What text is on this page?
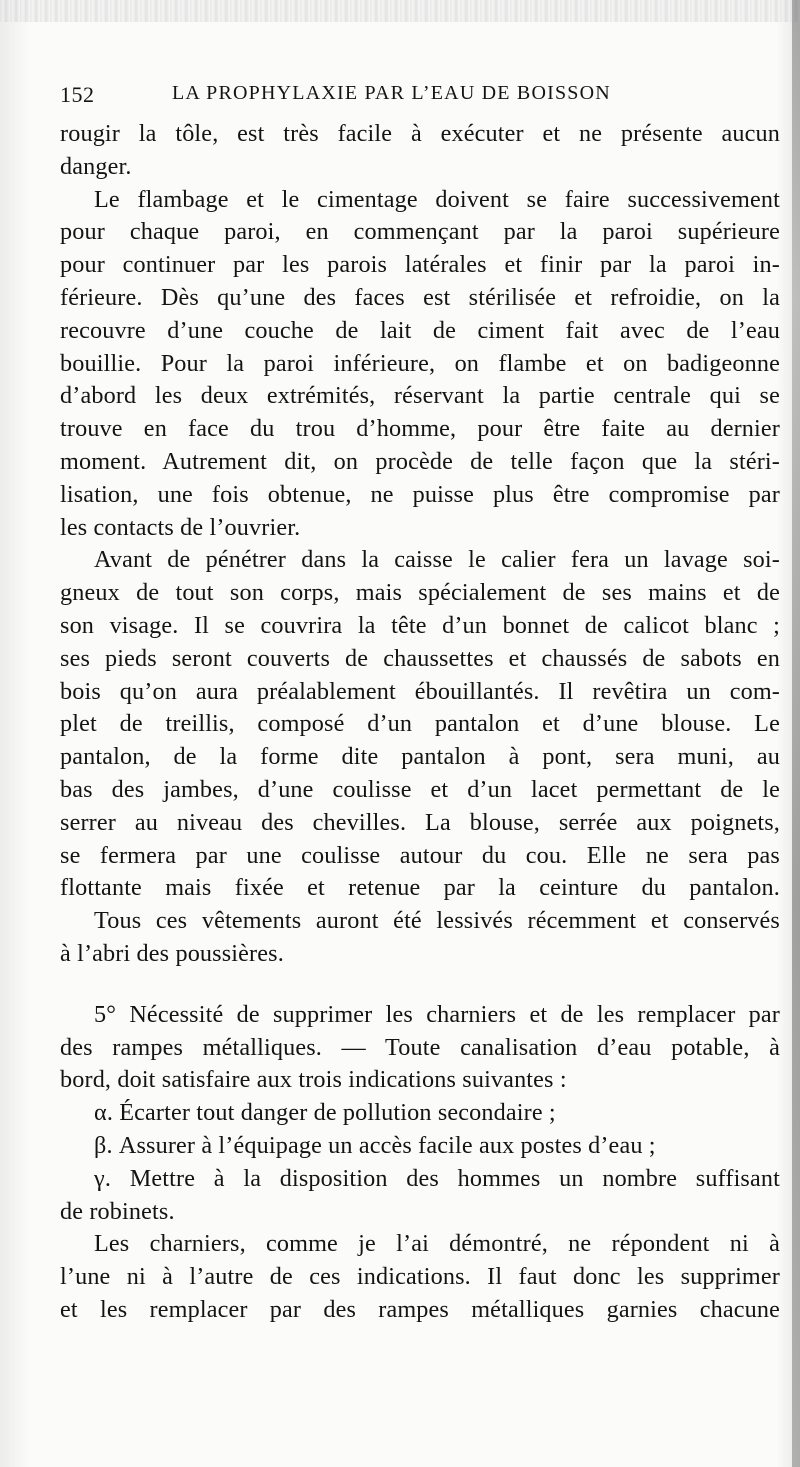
152	LA PROPHYLAXIE PAR L’EAU DE BOISSON
rougir la tôle, est très facile à exécuter et ne présente aucun
danger.
Le flambage et le cimentage doivent se faire successivement
pour chaque paroi, en commençant par la paroi supérieure
pour continuer par les parois latérales et finir par la paroi in-
férieure. Dès qu’une des faces est stérilisée et refroidie, on la
recouvre d’une couche de lait de ciment fait avec de l’eau
bouillie. Pour la paroi inférieure, on flambe et on badigeonne
d’abord les deux extrémités, réservant la partie centrale qui se
trouve en face du trou d’homme, pour être faite au dernier
moment. Autrement dit, on procède de telle façon que la stéri-
lisation, une fois obtenue, ne puisse plus être compromise par
les contacts de l’ouvrier.
Avant de pénétrer dans la caisse le calier fera un lavage soi-
gneux de tout son corps, mais spécialement de ses mains et de
son visage. Il se couvrira la tête d’un bonnet de calicot blanc ;
ses pieds seront couverts de chaussettes et chaussés de sabots en
bois qu’on aura préalablement ébouillantés. Il revêtira un com-
plet de treillis, composé d’un pantalon et d’une blouse. Le
pantalon, de la forme dite pantalon à pont, sera muni, au
bas des jambes, d’une coulisse et d’un lacet permettant de le
serrer au niveau des chevilles. La blouse, serrée aux poignets,
se fermera par une coulisse autour du cou. Elle ne sera pas
flottante mais fixée et retenue par la ceinture du pantalon.
Tous ces vêtements auront été lessivés récemment et conservés
à l’abri des poussières.
5° Nécessité de supprimer les charniers et de les remplacer par
des rampes métalliques. — Toute canalisation d’eau potable, à
bord, doit satisfaire aux trois indications suivantes :
α. Écarter tout danger de pollution secondaire ;
β. Assurer à l’équipage un accès facile aux postes d’eau ;
γ. Mettre à la disposition des hommes un nombre suffisant
de robinets.
Les charniers, comme je l’ai démontré, ne répondent ni à
l’une ni à l’autre de ces indications. Il faut donc les supprimer
et les remplacer par des rampes métalliques garnies chacune
